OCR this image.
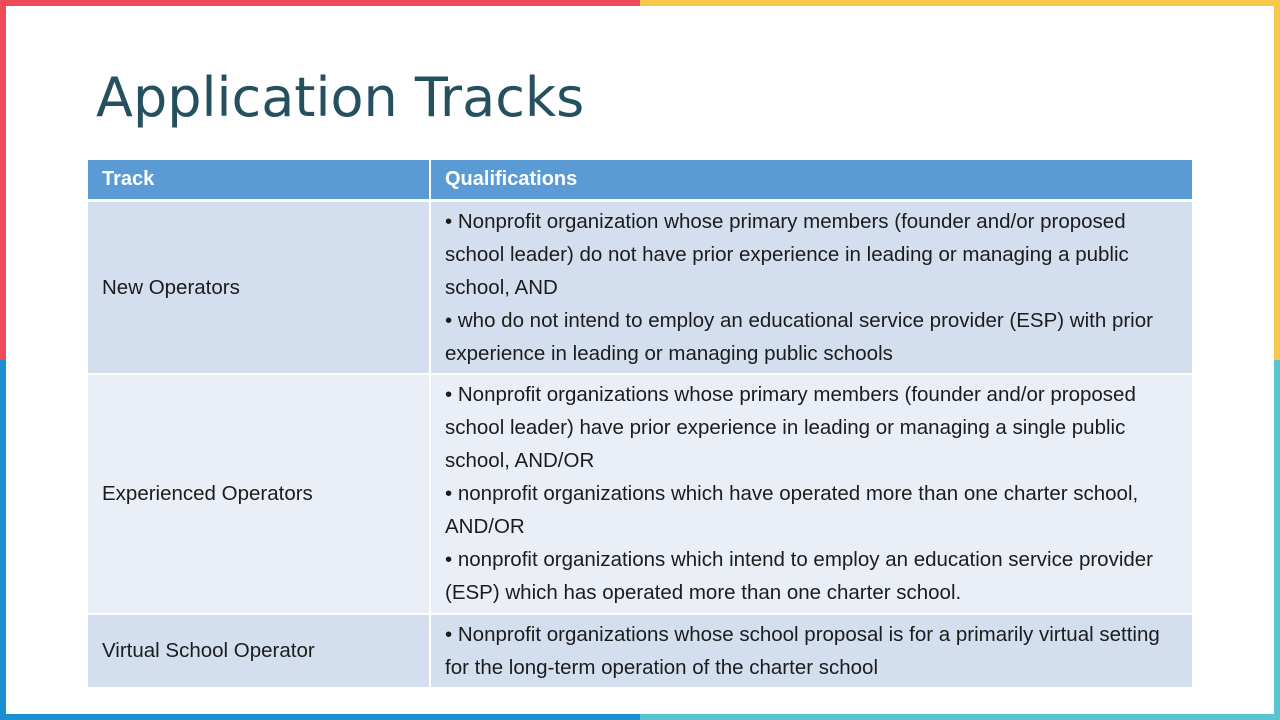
Application Tracks
Track	Qualifications
New Operators	• Nonprofit organization whose primary members (founder and/or proposed school leader) do not have prior experience in leading or managing a public school, AND
• who do not intend to employ an educational service provider (ESP) with prior experience in leading or managing public schools

Experienced Operators	• Nonprofit organizations whose primary members (founder and/or proposed school leader) have prior experience in leading or managing a single public school, AND/OR
• nonprofit organizations which have operated more than one charter school, AND/OR
• nonprofit organizations which intend to employ an education service provider (ESP) which has operated more than one charter school.

Virtual School Operator	• Nonprofit organizations whose school proposal is for a primarily virtual setting for the long-term operation of the charter school
